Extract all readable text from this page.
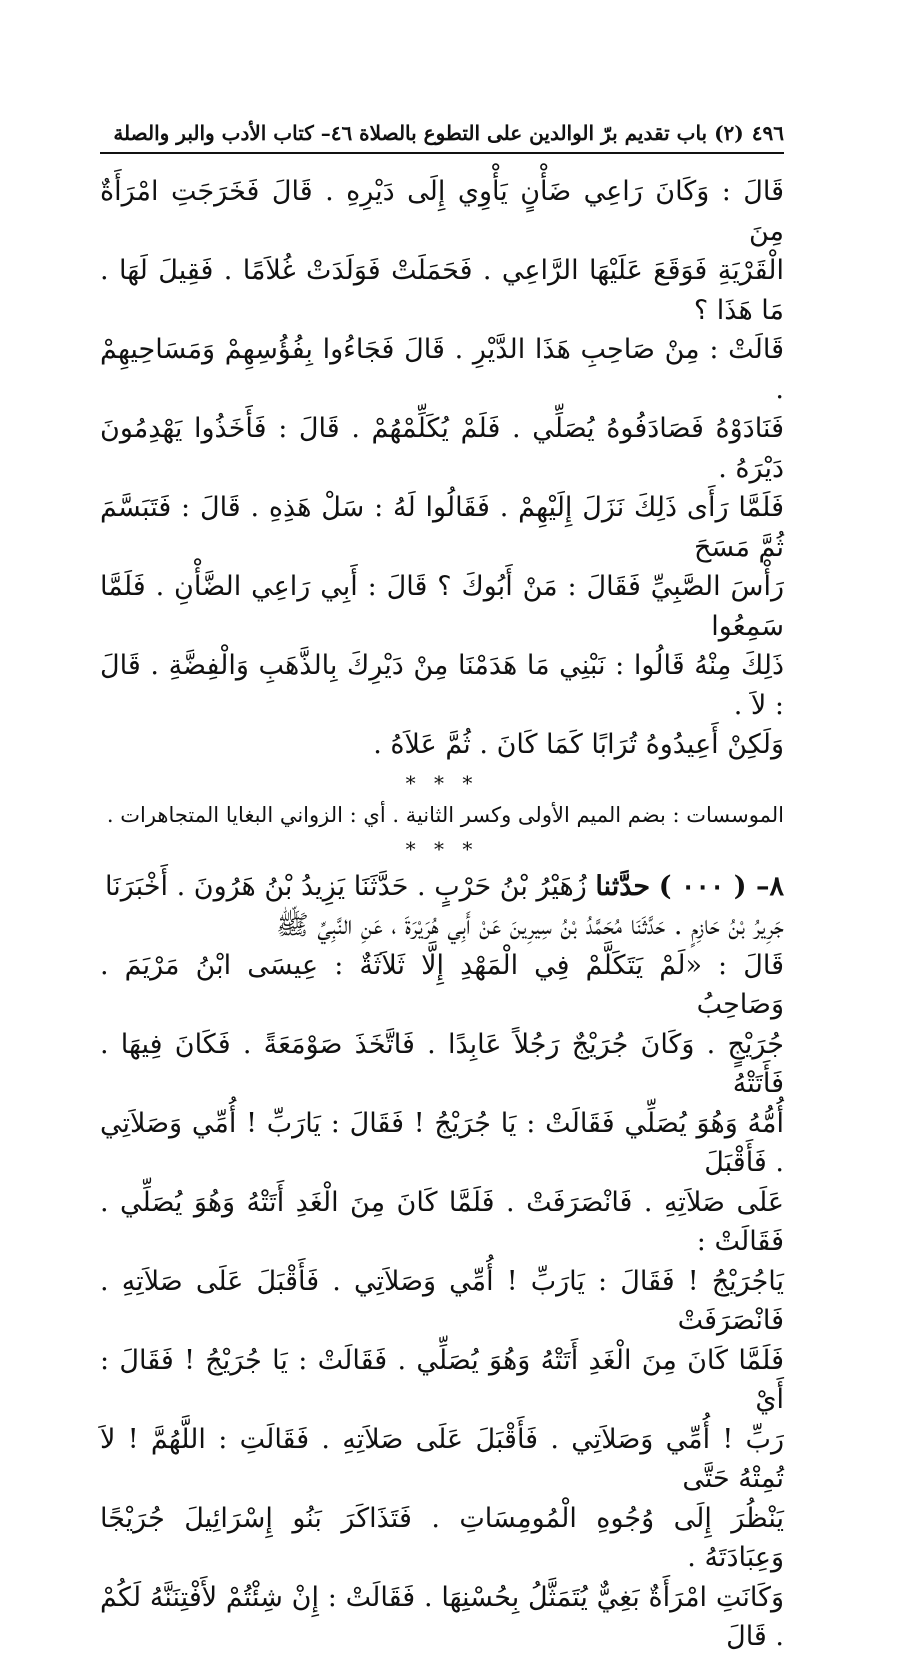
٤٩٦(٢) باب تقديم برّ الوالدين على التطوع بالصلاة ٤٦– كتاب الأدب والبر والصلة

قَالَ : وَكَانَ رَاعِي ضَأْنٍ يَأْوِي إِلَى دَيْرِهِ . قَالَ فَخَرَجَتِ امْرَأَةٌ مِنَ

الْقَرْيَةِ فَوَقَعَ عَلَيْهَا الرَّاعِي . فَحَمَلَتْ فَوَلَدَتْ غُلاَمًا . فَقِيلَ لَهَا . مَا هَذَا ؟

قَالَتْ : مِنْ صَاحِبِ هَذَا الدَّيْرِ . قَالَ فَجَاءُوا بِفُؤُسِهِمْ وَمَسَاحِيهِمْ .

فَنَادَوْهُ فَصَادَفُوهُ يُصَلِّي . فَلَمْ يُكَلِّمْهُمْ . قَالَ : فَأَخَذُوا يَهْدِمُونَ دَيْرَهُ .

فَلَمَّا رَأَى ذَلِكَ نَزَلَ إِلَيْهِمْ . فَقَالُوا لَهُ : سَلْ هَذِهِ . قَالَ : فَتَبَسَّمَ ثُمَّ مَسَحَ

رَأْسَ الصَّبِيِّ فَقَالَ : مَنْ أَبُوكَ ؟ قَالَ : أَبِي رَاعِي الضَّأْنِ . فَلَمَّا سَمِعُوا

ذَلِكَ مِنْهُ قَالُوا : نَبْنِي مَا هَدَمْنَا مِنْ دَيْرِكَ بِالذَّهَبِ وَالْفِضَّةِ . قَالَ : لاَ .

وَلَكِنْ أَعِيدُوهُ تُرَابًا كَمَا كَانَ . ثُمَّ عَلاَهُ .

* * *
الموسسات : بضم الميم الأولى وكسر الثانية . أي : الزواني البغايا المتجاهرات .
* * *

٨– ( ٠٠٠ ) حدَّثنا زُهَيْرُ بْنُ حَرْبٍ . حَدَّثَنَا يَزِيدُ بْنُ هَرُونَ . أَخْبَرَنَا

جَرِيرُ بْنُ حَازِمٍ . حَدَّثَنَا مُحَمَّدُ بْنُ سِيرِينَ عَنْ أَبِي هُرَيْرَةَ ، عَنِ النَّبِيِّ ﷺ

قَالَ : «لَمْ يَتَكَلَّمْ فِي الْمَهْدِ إِلَّا ثَلاَثَةٌ : عِيسَى ابْنُ مَرْيَمَ . وَصَاحِبُ

جُرَيْجٍ . وَكَانَ جُرَيْجٌ رَجُلاً عَابِدًا . فَاتَّخَذَ صَوْمَعَةً . فَكَانَ فِيهَا . فَأَتَتْهُ

أُمُّهُ وَهُوَ يُصَلِّي فَقَالَتْ : يَا جُرَيْجُ ! فَقَالَ : يَارَبِّ ! أُمِّي وَصَلاَتِي . فَأَقْبَلَ

عَلَى صَلاَتِهِ . فَانْصَرَفَتْ . فَلَمَّا كَانَ مِنَ الْغَدِ أَتَتْهُ وَهُوَ يُصَلِّي . فَقَالَتْ :

يَاجُرَيْجُ ! فَقَالَ : يَارَبِّ ! أُمِّي وَصَلاَتِي . فَأَقْبَلَ عَلَى صَلاَتِهِ . فَانْصَرَفَتْ

فَلَمَّا كَانَ مِنَ الْغَدِ أَتَتْهُ وَهُوَ يُصَلِّي . فَقَالَتْ : يَا جُرَيْجُ ! فَقَالَ : أَيْ

رَبِّ ! أُمِّي وَصَلاَتِي . فَأَقْبَلَ عَلَى صَلاَتِهِ . فَقَالَتِ : اللَّهُمَّ ! لاَ تُمِتْهُ حَتَّى

يَنْظُرَ إِلَى وُجُوهِ الْمُومِسَاتِ . فَتَذَاكَرَ بَنُو إِسْرَائِيلَ جُرَيْجًا وَعِبَادَتَهُ .

وَكَانَتِ امْرَأَةٌ بَغِيٌّ يُتَمَثَّلُ بِحُسْنِهَا . فَقَالَتْ : إِنْ شِئْتُمْ لأَفْتِنَنَّهُ لَكُمْ . قَالَ
